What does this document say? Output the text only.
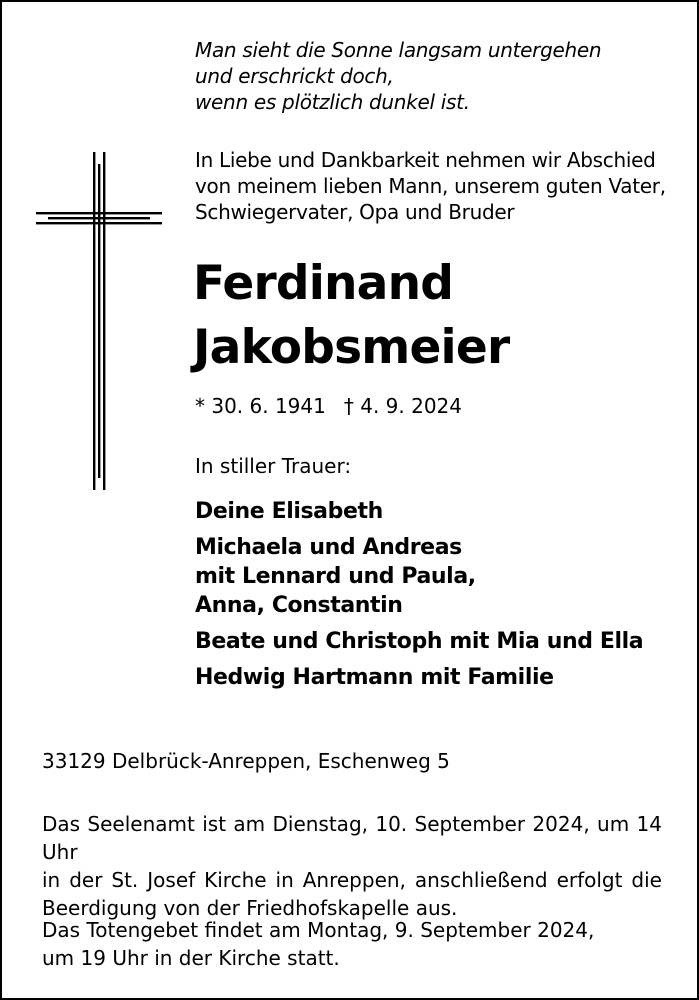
Man sieht die Sonne langsam untergehen
und erschrickt doch,
wenn es plötzlich dunkel ist.
In Liebe und Dankbarkeit nehmen wir Abschied
von meinem lieben Mann, unserem guten Vater,
Schwiegervater, Opa und Bruder
Ferdinand
Jakobsmeier
* 30. 6. 1941 † 4. 9. 2024
In stiller Trauer:
Deine Elisabeth
Michaela und Andreas
mit Lennard und Paula,
Anna, Constantin
Beate und Christoph mit Mia und Ella
Hedwig Hartmann mit Familie
33129 Delbrück-Anreppen, Eschenweg 5
Das Seelenamt ist am Dienstag, 10. September 2024, um 14 Uhr
in der St. Josef Kirche in Anreppen, anschließend erfolgt die
Beerdigung von der Friedhofskapelle aus.
Das Totengebet findet am Montag, 9. September 2024,
um 19 Uhr in der Kirche statt.
